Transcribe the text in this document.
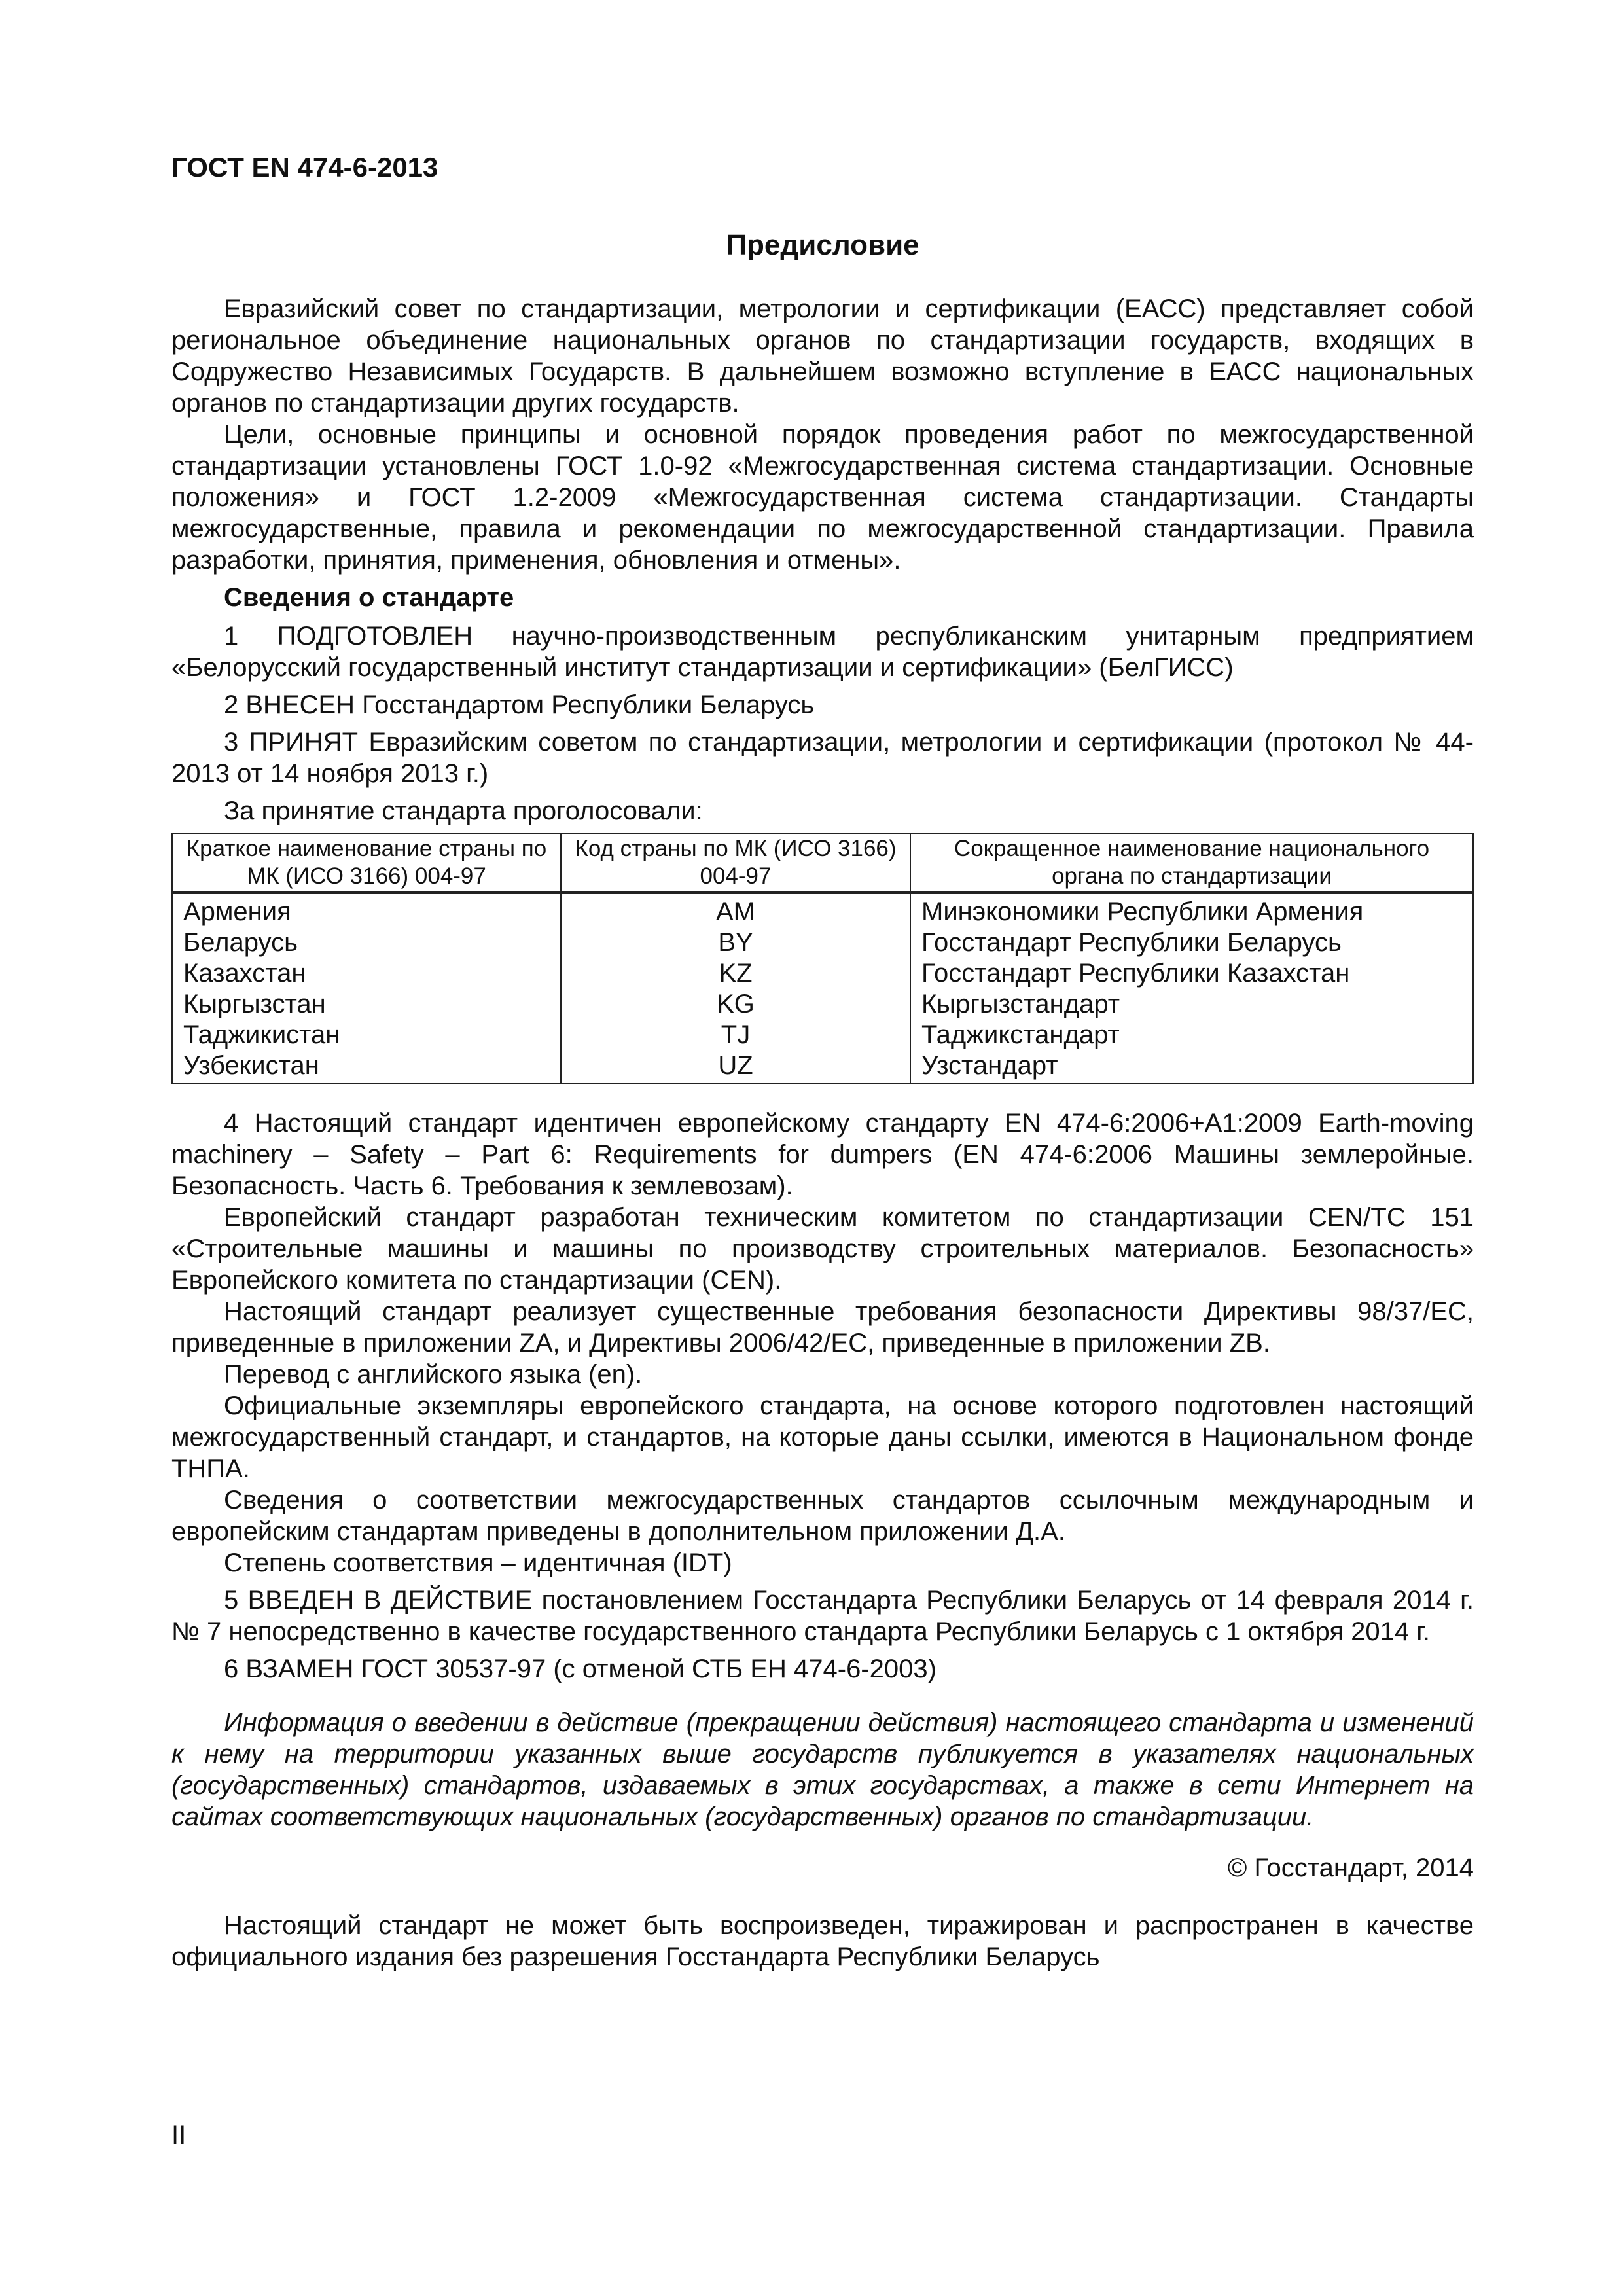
ГОСТ EN 474-6-2013

Предисловие

Евразийский совет по стандартизации, метрологии и сертификации (ЕАСС) представляет собой региональное объединение национальных органов по стандартизации государств, входящих в Содружество Независимых Государств. В дальнейшем возможно вступление в ЕАСС национальных органов по стандартизации других государств.

Цели, основные принципы и основной порядок проведения работ по межгосударственной стандартизации установлены ГОСТ 1.0-92 «Межгосударственная система стандартизации. Основные положения» и ГОСТ 1.2-2009 «Межгосударственная система стандартизации. Стандарты межгосударственные, правила и рекомендации по межгосударственной стандартизации. Правила разработки, принятия, применения, обновления и отмены».

Сведения о стандарте

1 ПОДГОТОВЛЕН научно-производственным республиканским унитарным предприятием «Белорусский государственный институт стандартизации и сертификации» (БелГИСС)

2 ВНЕСЕН Госстандартом Республики Беларусь

3 ПРИНЯТ Евразийским советом по стандартизации, метрологии и сертификации (протокол № 44-2013 от 14 ноября 2013 г.)

За принятие стандарта проголосовали:

Краткое наименование страны по МК (ИСО 3166) 004-97	Код страны по МК (ИСО 3166) 004-97	Сокращенное наименование национального органа по стандартизации
Армения	AM	Минэкономики Республики Армения
Беларусь	BY	Госстандарт Республики Беларусь
Казахстан	KZ	Госстандарт Республики Казахстан
Кыргызстан	KG	Кыргызстандарт
Таджикистан	TJ	Таджикстандарт
Узбекистан	UZ	Узстандарт

4 Настоящий стандарт идентичен европейскому стандарту EN 474-6:2006+A1:2009 Earth-moving machinery – Safety – Part 6: Requirements for dumpers (EN 474-6:2006 Машины землеройные. Безопасность. Часть 6. Требования к землевозам).

Европейский стандарт разработан техническим комитетом по стандартизации CEN/TC 151 «Строительные машины и машины по производству строительных материалов. Безопасность» Европейского комитета по стандартизации (CEN).

Настоящий стандарт реализует существенные требования безопасности Директивы 98/37/ЕС, приведенные в приложении ZA, и Директивы 2006/42/ЕС, приведенные в приложении ZB.

Перевод с английского языка (en).

Официальные экземпляры европейского стандарта, на основе которого подготовлен настоящий межгосударственный стандарт, и стандартов, на которые даны ссылки, имеются в Национальном фонде ТНПА.

Сведения о соответствии межгосударственных стандартов ссылочным международным и европейским стандартам приведены в дополнительном приложении Д.А.

Степень соответствия – идентичная (IDT)

5 ВВЕДЕН В ДЕЙСТВИЕ постановлением Госстандарта Республики Беларусь от 14 февраля 2014 г. № 7 непосредственно в качестве государственного стандарта Республики Беларусь с 1 октября 2014 г.

6 ВЗАМЕН ГОСТ 30537-97 (с отменой СТБ ЕН 474-6-2003)

Информация о введении в действие (прекращении действия) настоящего стандарта и изменений к нему на территории указанных выше государств публикуется в указателях национальных (государственных) стандартов, издаваемых в этих государствах, а также в сети Интернет на сайтах соответствующих национальных (государственных) органов по стандартизации.

© Госстандарт, 2014

Настоящий стандарт не может быть воспроизведен, тиражирован и распространен в качестве официального издания без разрешения Госстандарта Республики Беларусь

II
